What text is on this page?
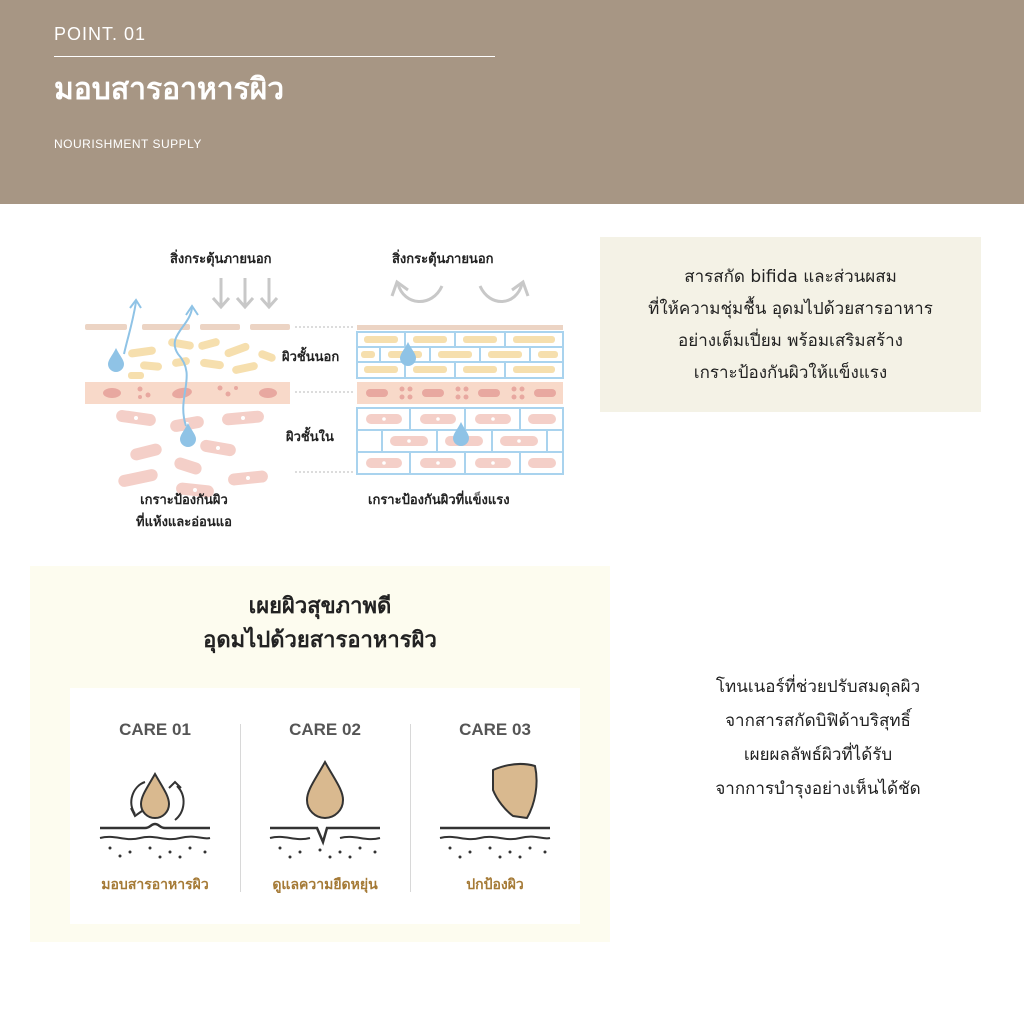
POINT. 01
มอบสารอาหารผิว
NOURISHMENT SUPPLY
สิ่งกระตุ้นภายนอก	สิ่งกระตุ้นภายนอก
ผิวชั้นนอก
ผิวชั้นใน
เกราะป้องกันผิว
ที่แห้งและอ่อนแอ
เกราะป้องกันผิวที่แข็งแรง
สารสกัด bifida และส่วนผสม
ที่ให้ความชุ่มชื้น อุดมไปด้วยสารอาหาร
อย่างเต็มเปี่ยม พร้อมเสริมสร้าง
เกราะป้องกันผิวให้แข็งแรง
เผยผิวสุขภาพดี
อุดมไปด้วยสารอาหารผิว
CARE 01
มอบสารอาหารผิว
CARE 02
ดูแลความยืดหยุ่น
CARE 03
ปกป้องผิว
โทนเนอร์ที่ช่วยปรับสมดุลผิว
จากสารสกัดบิฟิด้าบริสุทธิ์
เผยผลลัพธ์ผิวที่ได้รับ
จากการบำรุงอย่างเห็นได้ชัด
